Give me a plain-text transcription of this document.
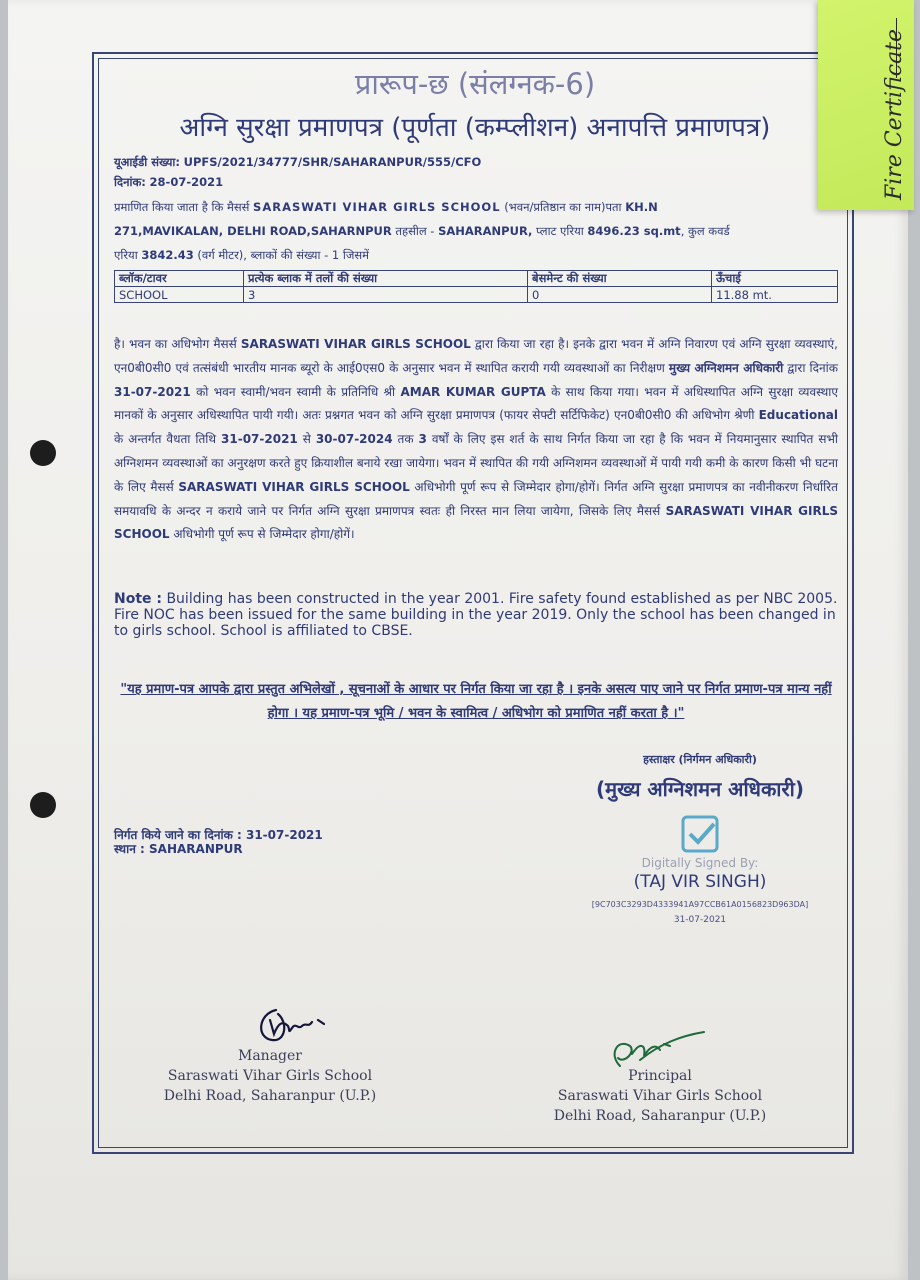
प्रारूप-छ (संलग्नक-6)
अग्नि सुरक्षा प्रमाणपत्र (पूर्णता (कम्प्लीशन) अनापत्ति प्रमाणपत्र)
यूआईडी संख्या: UPFS/2021/34777/SHR/SAHARANPUR/555/CFO
दिनांक: 28-07-2021
प्रमाणित किया जाता है कि मैसर्स SARASWATI VIHAR GIRLS SCHOOL (भवन/प्रतिष्ठान का नाम)पता KH.N
271,MAVIKALAN, DELHI ROAD,SAHARNPUR तहसील - SAHARANPUR, प्लाट एरिया 8496.23 sq.mt, कुल कवर्ड
एरिया 3842.43 (वर्ग मीटर), ब्लाकों की संख्या - 1 जिसमें
ब्लॉक/टावर	प्रत्येक ब्लाक में तलों की संख्या	बेसमेन्ट की संख्या	ऊँचाई
SCHOOL	3	0	11.88 mt.
है। भवन का अधिभोग मैसर्स SARASWATI VIHAR GIRLS SCHOOL द्वारा किया जा रहा है। इनके द्वारा भवन में अग्नि निवारण एवं अग्नि सुरक्षा व्यवस्थाएं, एन0बी0सी0 एवं तत्संबंधी भारतीय मानक ब्यूरो के आई0एस0 के अनुसार भवन में स्थापित करायी गयी व्यवस्थाओं का निरीक्षण मुख्य अग्निशमन अधिकारी द्वारा दिनांक 31-07-2021 को भवन स्वामी/भवन स्वामी के प्रतिनिधि श्री AMAR KUMAR GUPTA के साथ किया गया। भवन में अधिस्थापित अग्नि सुरक्षा व्यवस्थाए मानकों के अनुसार अधिस्थापित पायी गयी। अतः प्रश्नगत भवन को अग्नि सुरक्षा प्रमाणपत्र (फायर सेफ्टी सर्टिफिकेट) एन0बी0सी0 की अधिभोग श्रेणी Educational के अन्तर्गत वैधता तिथि 31-07-2021 से 30-07-2024 तक 3 वर्षों के लिए इस शर्त के साथ निर्गत किया जा रहा है कि भवन में नियमानुसार स्थापित सभी अग्निशमन व्यवस्थाओं का अनुरक्षण करते हुए क्रियाशील बनाये रखा जायेगा। भवन में स्थापित की गयी अग्निशमन व्यवस्थाओं में पायी गयी कमी के कारण किसी भी घटना के लिए मैसर्स SARASWATI VIHAR GIRLS SCHOOL अधिभोगी पूर्ण रूप से जिम्मेदार होगा/होगें। निर्गत अग्नि सुरक्षा प्रमाणपत्र का नवीनीकरण निर्धारित समयावधि के अन्दर न कराये जाने पर निर्गत अग्नि सुरक्षा प्रमाणपत्र स्वतः ही निरस्त मान लिया जायेगा, जिसके लिए मैसर्स SARASWATI VIHAR GIRLS SCHOOL अधिभोगी पूर्ण रूप से जिम्मेदार होगा/होगें।
Note : Building has been constructed in the year 2001. Fire safety found established as per NBC 2005. Fire NOC has been issued for the same building in the year 2019. Only the school has been changed in to girls school. School is affiliated to CBSE.
"यह प्रमाण-पत्र आपके द्वारा प्रस्तुत अभिलेखों , सूचनाओं के आधार पर निर्गत किया जा रहा है । इनके असत्य पाए जाने पर निर्गत प्रमाण-पत्र मान्य नहीं होगा । यह प्रमाण-पत्र भूमि / भवन के स्वामित्व / अधिभोग को प्रमाणित नहीं करता है ।"
हस्ताक्षर (निर्गमन अधिकारी)
(मुख्य अग्निशमन अधिकारी)
Digitally Signed By:
(TAJ VIR SINGH)
[9C703C3293D4333941A97CCB61A0156823D963DA]
31-07-2021
निर्गत किये जाने का दिनांक : 31-07-2021
स्थान : SAHARANPUR
Manager
Saraswati Vihar Girls School
Delhi Road, Saharanpur (U.P.)
Principal
Saraswati Vihar Girls School
Delhi Road, Saharanpur (U.P.)
Fire Certificate
